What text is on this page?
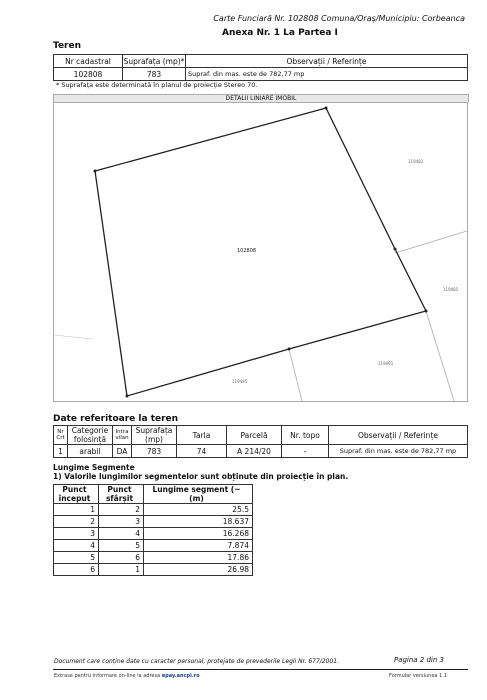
Carte Funciară Nr. 102808 Comuna/Oraș/Municipiu: Corbeanca
Anexa Nr. 1 La Partea I
Teren
Nr cadastral	Suprafața (mp)*	Observații / Referințe
102808	783	Supraf. din mas. este de 782,77 mp
* Suprafața este determinată în planul de proiecție Stereo 70.
DETALII LINIARE IMOBIL
102808
119482
119485
119491
119485
Date referitoare la teren
Nr Crt	Categorie folosință	Intra vilan	Suprafața (mp)	Tarla	Parcelă	Nr. topo	Observații / Referințe
1	arabil	DA	783	74	A 214/20	-	Supraf. din mas. este de 782,77 mp
Lungime Segmente
1) Valorile lungimilor segmentelor sunt obținute din proiecție în plan.
Punct început	Punct sfârșit	Lungime segment (~ (m)
1	2	25.5
2	3	18.637
3	4	16.268
4	5	7.874
5	6	17.86
6	1	26.98
Document care conține date cu caracter personal, protejate de prevederile Legii Nr. 677/2001.	Pagina 2 din 3
Extrase pentru informare on-line la adresa epay.ancpi.ro	Formular versiunea 1.1
